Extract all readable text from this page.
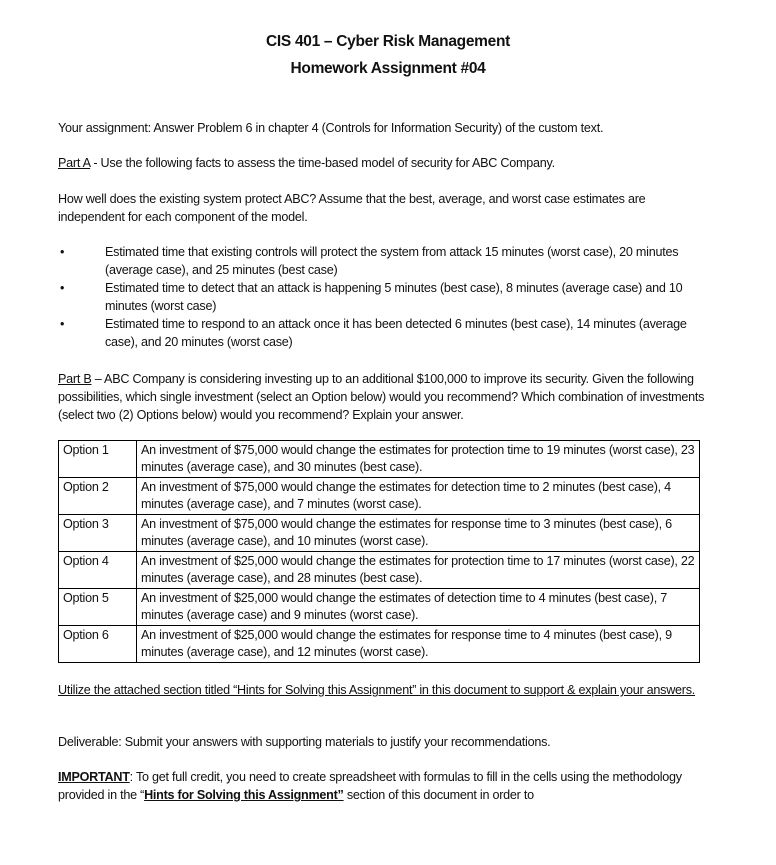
CIS 401 – Cyber Risk Management
Homework Assignment #04
Your assignment: Answer Problem 6 in chapter 4 (Controls for Information Security) of the custom text.
Part A - Use the following facts to assess the time-based model of security for ABC Company.
How well does the existing system protect ABC? Assume that the best, average, and worst case estimates are independent for each component of the model.
•	Estimated time that existing controls will protect the system from attack 15 minutes (worst case), 20 minutes (average case), and 25 minutes (best case)
•	Estimated time to detect that an attack is happening 5 minutes (best case), 8 minutes (average case) and 10 minutes (worst case)
•	Estimated time to respond to an attack once it has been detected 6 minutes (best case), 14 minutes (average case), and 20 minutes (worst case)
Part B – ABC Company is considering investing up to an additional $100,000 to improve its security. Given the following possibilities, which single investment (select an Option below) would you recommend? Which combination of investments (select two (2) Options below) would you recommend? Explain your answer.
Option 1	An investment of $75,000 would change the estimates for protection time to 19 minutes (worst case), 23 minutes (average case), and 30 minutes (best case).
Option 2	An investment of $75,000 would change the estimates for detection time to 2 minutes (best case), 4 minutes (average case), and 7 minutes (worst case).
Option 3	An investment of $75,000 would change the estimates for response time to 3 minutes (best case), 6 minutes (average case), and 10 minutes (worst case).
Option 4	An investment of $25,000 would change the estimates for protection time to 17 minutes (worst case), 22 minutes (average case), and 28 minutes (best case).
Option 5	An investment of $25,000 would change the estimates of detection time to 4 minutes (best case), 7 minutes (average case) and 9 minutes (worst case).
Option 6	An investment of $25,000 would change the estimates for response time to 4 minutes (best case), 9 minutes (average case), and 12 minutes (worst case).
Utilize the attached section titled “Hints for Solving this Assignment” in this document to support & explain your answers.
Deliverable: Submit your answers with supporting materials to justify your recommendations.
IMPORTANT: To get full credit, you need to create spreadsheet with formulas to fill in the cells using the methodology provided in the “Hints for Solving this Assignment” section of this document in order to
